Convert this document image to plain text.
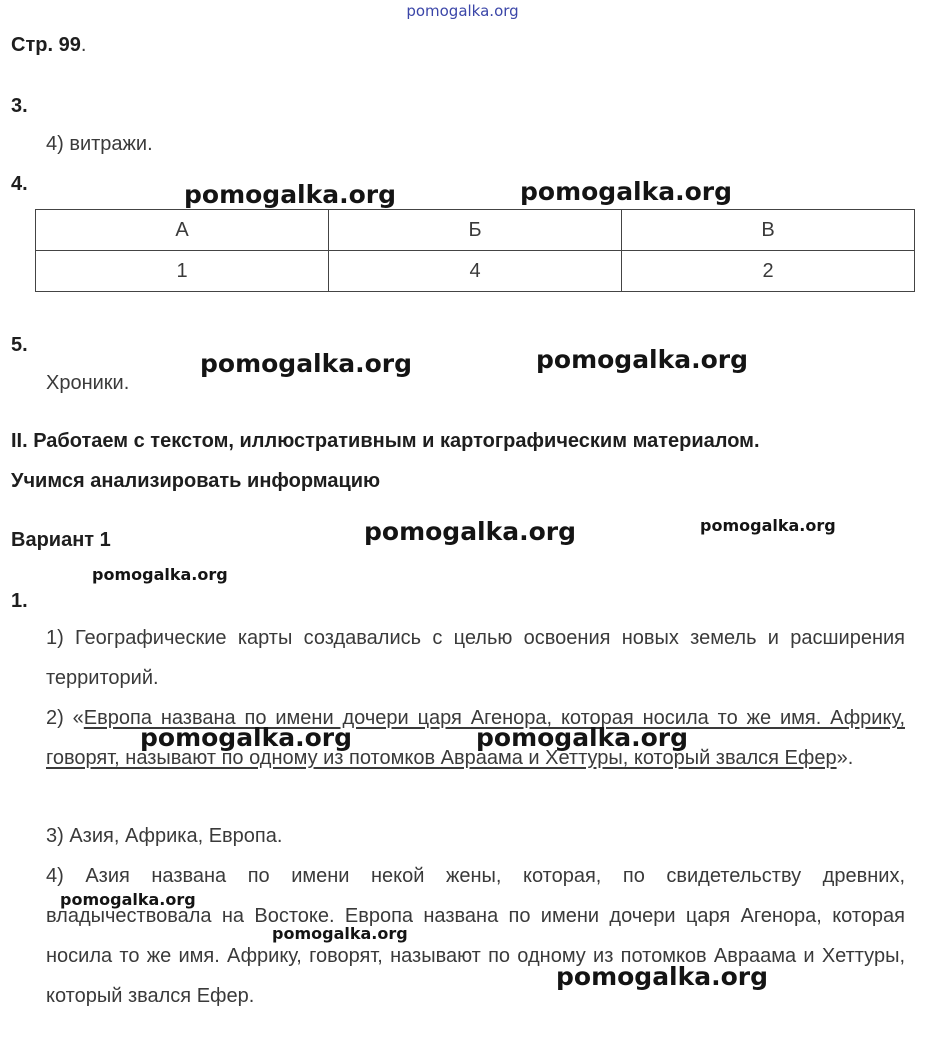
pomogalka.org
Стр. 99.
3.
4) витражи.
4.
А	Б	В
1	4	2
5.
Хроники.
II. Работаем с текстом, иллюстративным и картографическим материалом.
Учимся анализировать информацию
Вариант 1
1.
1) Географические карты создавались с целью освоения новых земель и расширения территорий.
2) «Европа названа по имени дочери царя Агенора, которая носила то же имя. Африку, говорят, называют по одному из потомков Авраама и Хеттуры, который звался Ефер».
3) Азия, Африка, Европа.
4) Азия названа по имени некой жены, которая, по свидетельству древних, владычествовала на Востоке. Европа названа по имени дочери царя Агенора, которая носила то же имя. Африку, говорят, называют по одному из потомков Авраама и Хеттуры, который звался Ефер.
pomogalka.org	pomogalka.org
pomogalka.org	pomogalka.org
pomogalka.org	pomogalka.org
pomogalka.org
pomogalka.org	pomogalka.org
pomogalka.org
pomogalka.org
pomogalka.org
